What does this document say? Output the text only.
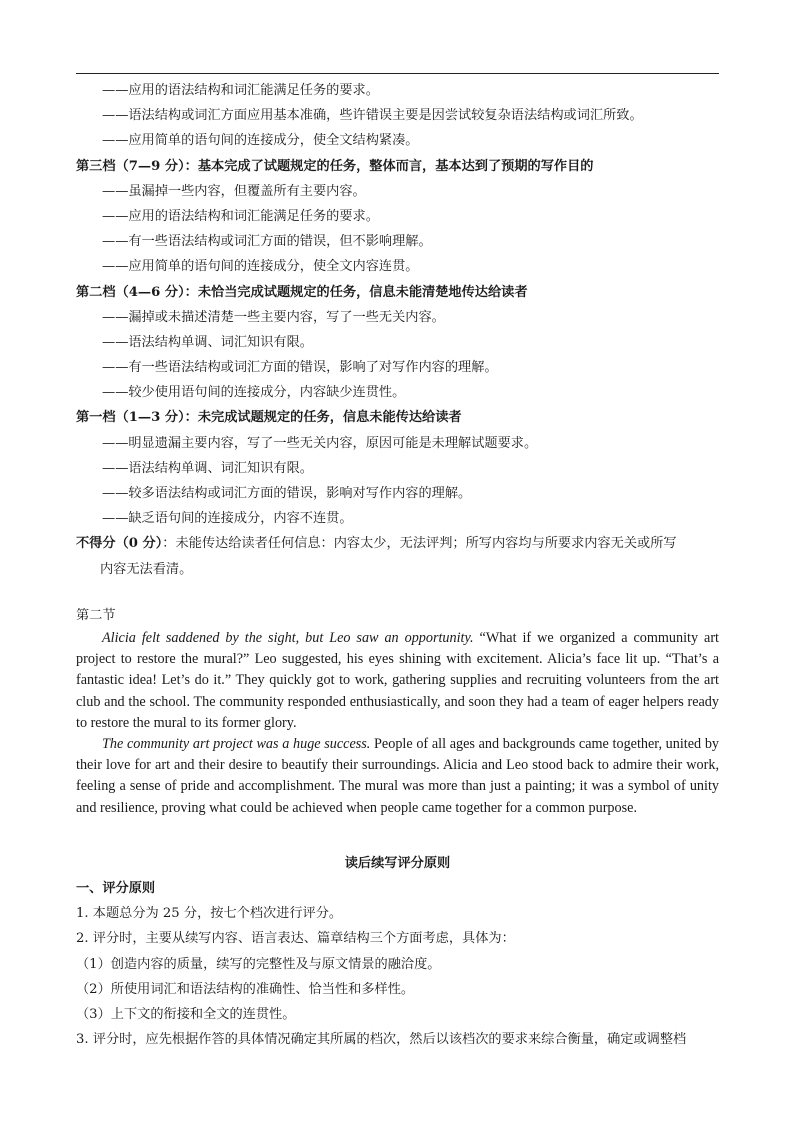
——应用的语法结构和词汇能满足任务的要求。
——语法结构或词汇方面应用基本准确，些许错误主要是因尝试较复杂语法结构或词汇所致。
——应用简单的语句间的连接成分，使全文结构紧凑。
第三档（7—9 分）：基本完成了试题规定的任务，整体而言，基本达到了预期的写作目的
——虽漏掉一些内容，但覆盖所有主要内容。
——应用的语法结构和词汇能满足任务的要求。
——有一些语法结构或词汇方面的错误，但不影响理解。
——应用简单的语句间的连接成分，使全文内容连贯。
第二档（4—6 分）：未恰当完成试题规定的任务，信息未能清楚地传达给读者
——漏掉或未描述清楚一些主要内容，写了一些无关内容。
——语法结构单调、词汇知识有限。
——有一些语法结构或词汇方面的错误，影响了对写作内容的理解。
——较少使用语句间的连接成分，内容缺少连贯性。
第一档（1—3 分）：未完成试题规定的任务，信息未能传达给读者
——明显遗漏主要内容，写了一些无关内容，原因可能是未理解试题要求。
——语法结构单调、词汇知识有限。
——较多语法结构或词汇方面的错误，影响对写作内容的理解。
——缺乏语句间的连接成分，内容不连贯。
不得分（0 分）：未能传达给读者任何信息：内容太少，无法评判；所写内容均与所要求内容无关或所写
内容无法看清。
第二节

Alicia felt saddened by the sight, but Leo saw an opportunity. “What if we organized a community art project to restore the mural?” Leo suggested, his eyes shining with excitement. Alicia’s face lit up. “That’s a fantastic idea! Let’s do it.” They quickly got to work, gathering supplies and recruiting volunteers from the art club and the school. The community responded enthusiastically, and soon they had a team of eager helpers ready to restore the mural to its former glory.

The community art project was a huge success. People of all ages and backgrounds came together, united by their love for art and their desire to beautify their surroundings. Alicia and Leo stood back to admire their work, feeling a sense of pride and accomplishment. The mural was more than just a painting; it was a symbol of unity and resilience, proving what could be achieved when people came together for a common purpose.

读后续写评分原则
一、评分原则
1. 本题总分为 25 分，按七个档次进行评分。
2. 评分时，主要从续写内容、语言表达、篇章结构三个方面考虑，具体为：
（1）创造内容的质量，续写的完整性及与原文情景的融洽度。
（2）所使用词汇和语法结构的准确性、恰当性和多样性。
（3）上下文的衔接和全文的连贯性。
3. 评分时，应先根据作答的具体情况确定其所属的档次，然后以该档次的要求来综合衡量，确定或调整档
